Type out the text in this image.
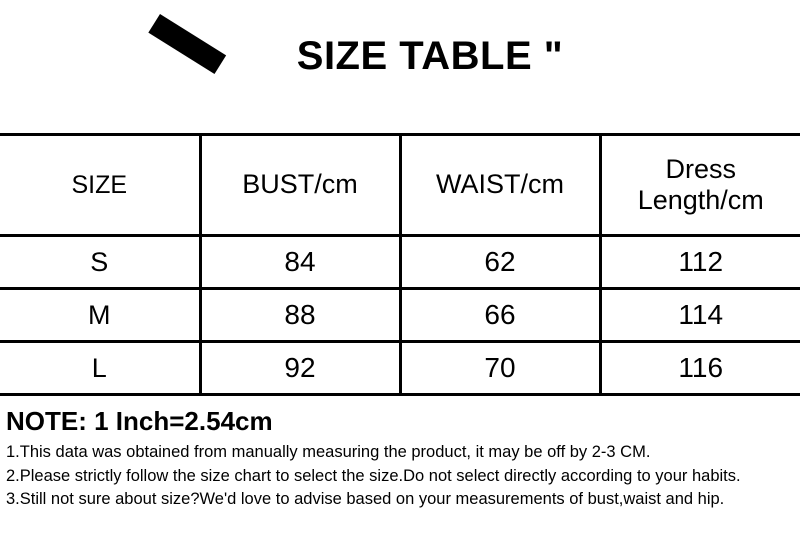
SIZE TABLE "
SIZE	BUST/cm	WAIST/cm	Dress Length/cm
S	84	62	112
M	88	66	114
L	92	70	116

NOTE: 1 Inch=2.54cm

1.This data was obtained from manually measuring the product, it may be off by 2-3 CM.

2.Please strictly follow the size chart to select the size.Do not select directly according to your habits.

3.Still not sure about size?We'd love to advise based on your measurements of bust,waist and hip.
